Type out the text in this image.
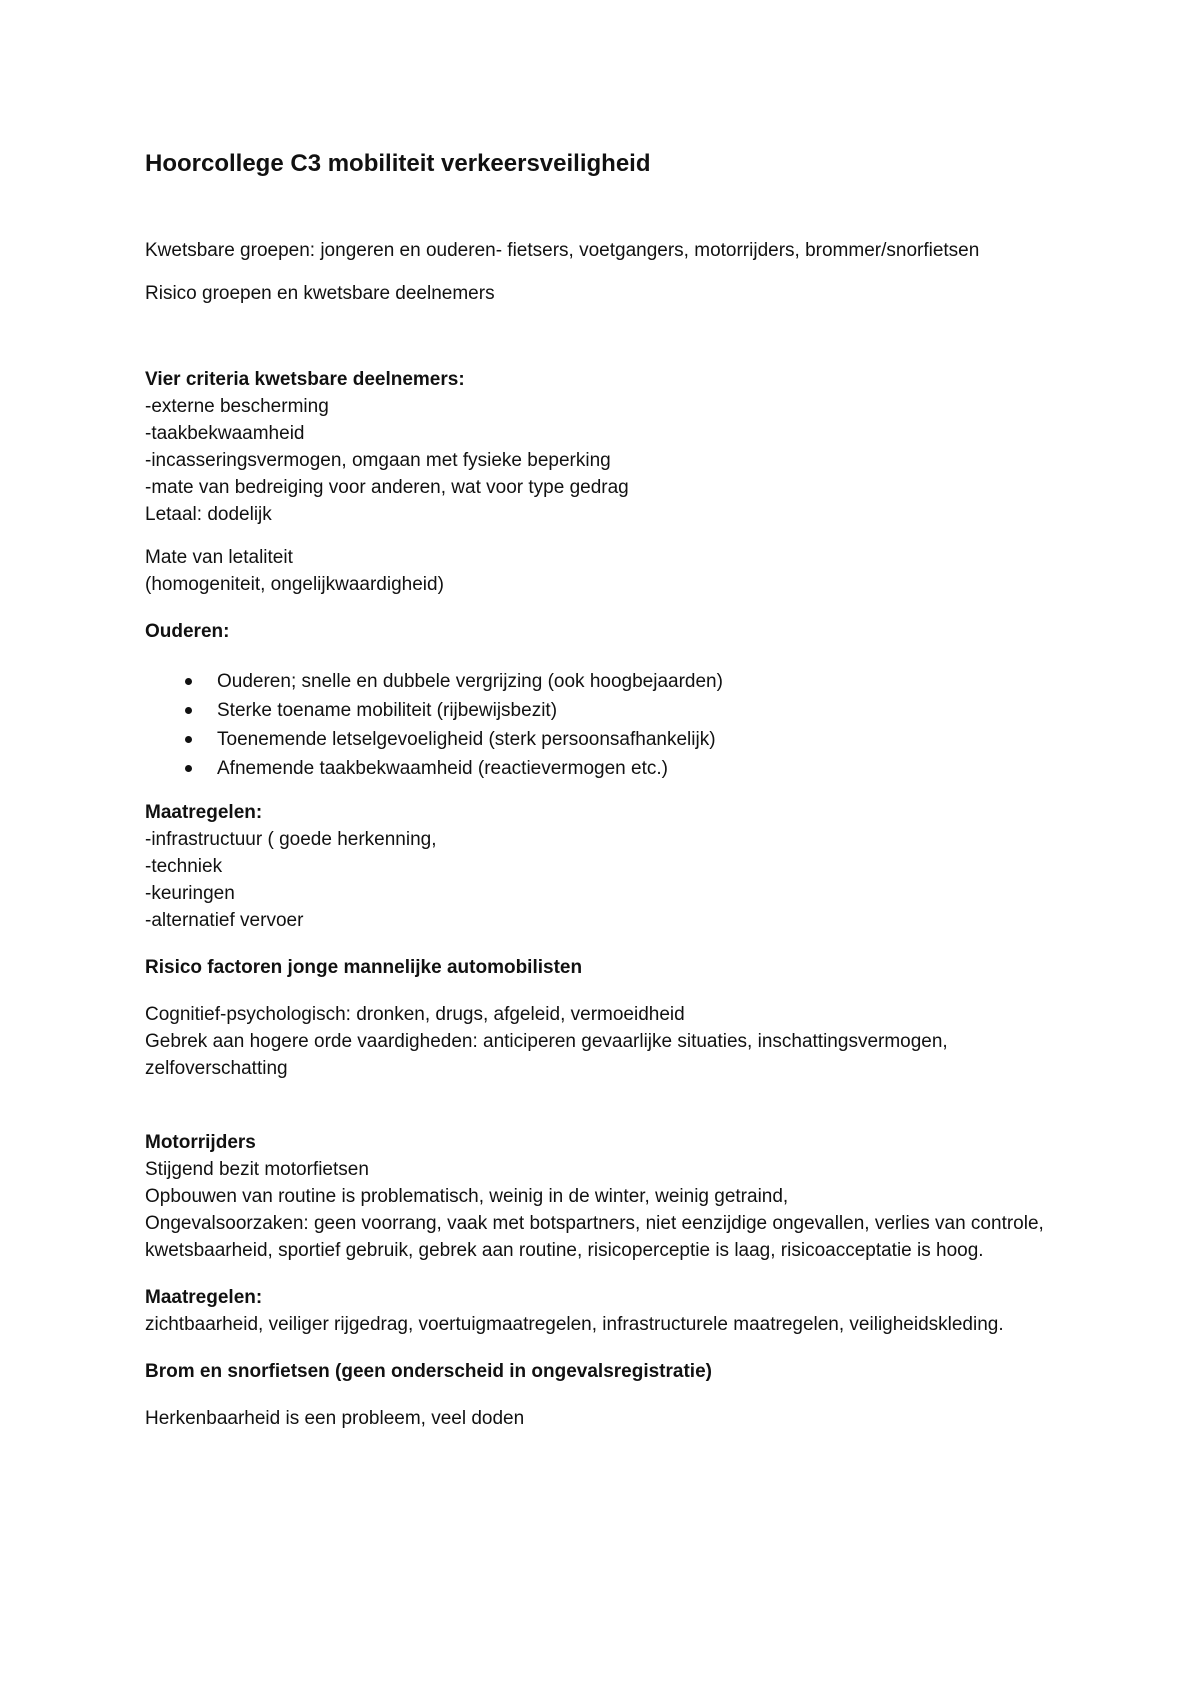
Hoorcollege C3 mobiliteit verkeersveiligheid

Kwetsbare groepen: jongeren en ouderen- fietsers, voetgangers, motorrijders, brommer/snorfietsen

Risico groepen en kwetsbare deelnemers

Vier criteria kwetsbare deelnemers:

-externe bescherming

-taakbekwaamheid

-incasseringsvermogen, omgaan met fysieke beperking

-mate van bedreiging voor anderen, wat voor type gedrag

Letaal: dodelijk

Mate van letaliteit

(homogeniteit, ongelijkwaardigheid)

Ouderen:

Ouderen; snelle en dubbele vergrijzing (ook hoogbejaarden)
Sterke toename mobiliteit (rijbewijsbezit)
Toenemende letselgevoeligheid (sterk persoonsafhankelijk)
Afnemende taakbekwaamheid (reactievermogen etc.)

Maatregelen:

-infrastructuur ( goede herkenning,

-techniek

-keuringen

-alternatief vervoer

Risico factoren jonge mannelijke automobilisten

Cognitief-psychologisch: dronken, drugs, afgeleid, vermoeidheid

Gebrek aan hogere orde vaardigheden: anticiperen gevaarlijke situaties, inschattingsvermogen, zelfoverschatting

Motorrijders

Stijgend bezit motorfietsen

Opbouwen van routine is problematisch, weinig in de winter, weinig getraind,

Ongevalsoorzaken: geen voorrang, vaak met botspartners, niet eenzijdige ongevallen, verlies van controle, kwetsbaarheid, sportief gebruik, gebrek aan routine, risicoperceptie is laag, risicoacceptatie is hoog.

Maatregelen:

zichtbaarheid, veiliger rijgedrag, voertuigmaatregelen, infrastructurele maatregelen, veiligheidskleding.

Brom en snorfietsen (geen onderscheid in ongevalsregistratie)

Herkenbaarheid is een probleem, veel doden
